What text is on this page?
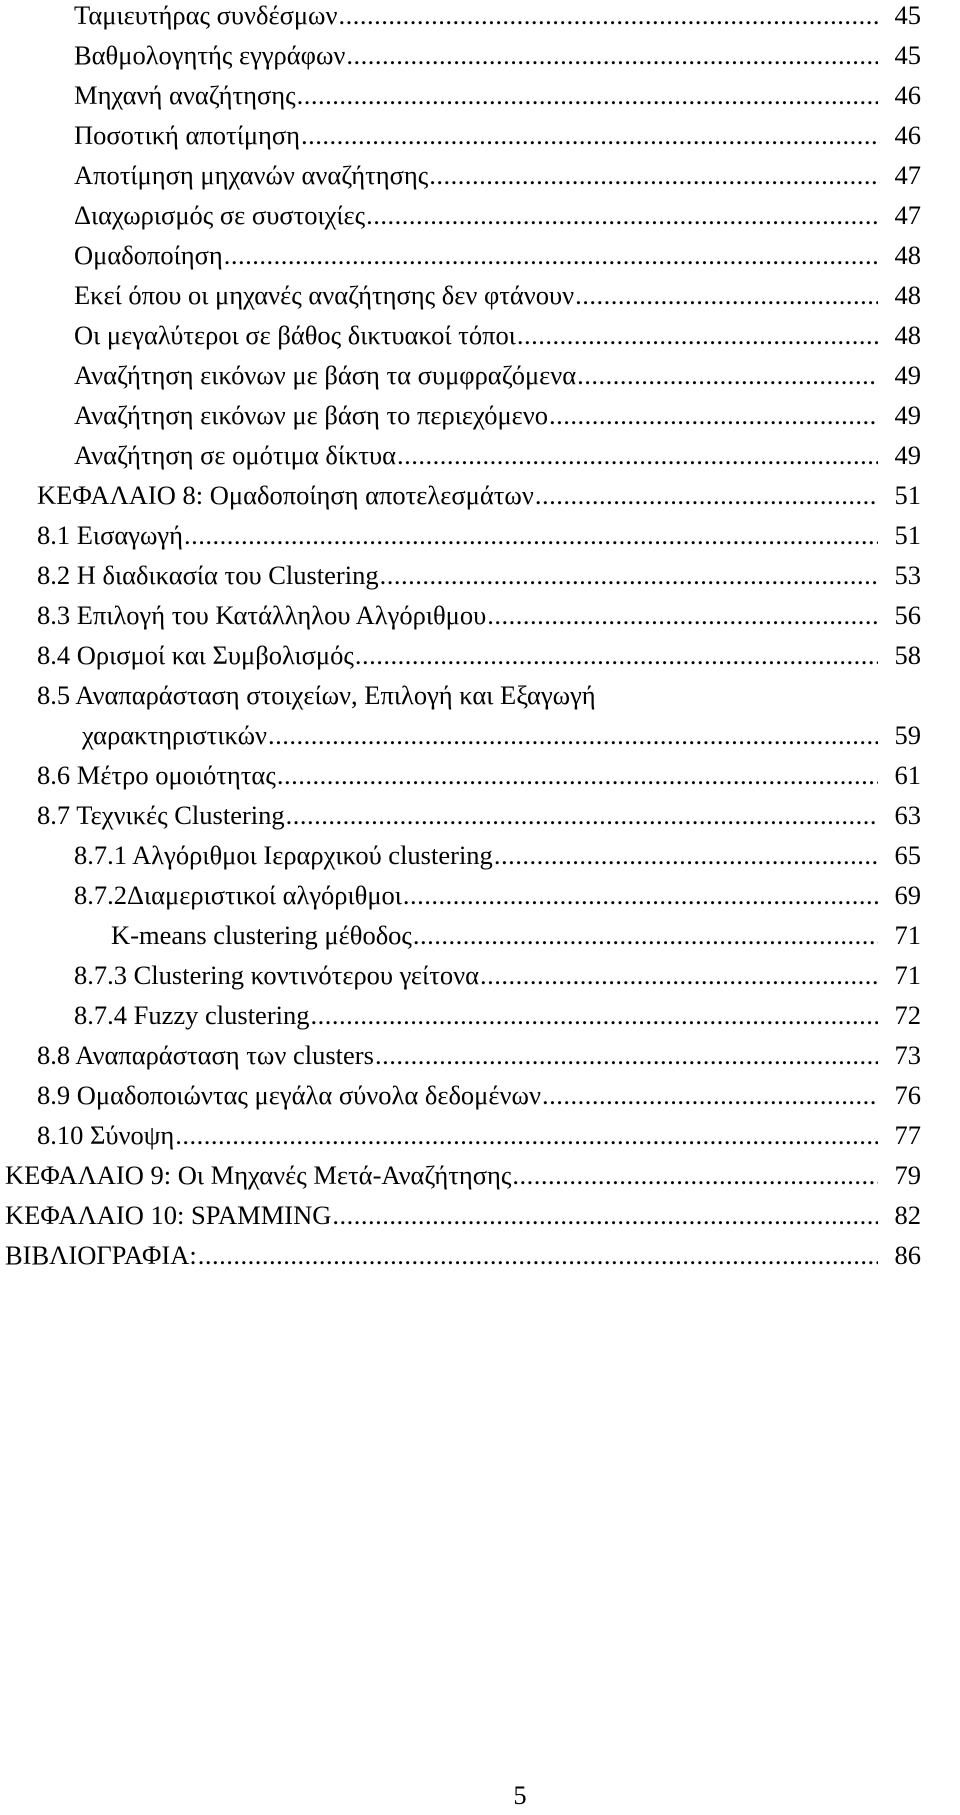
Ταμιευτήρας συνδέσμων .....	45
Βαθμολογητής εγγράφων .....	45
Μηχανή αναζήτησης .....	46
Ποσοτική αποτίμηση .....	46
Αποτίμηση μηχανών αναζήτησης .....	47
Διαχωρισμός σε συστοιχίες .....	47
Ομαδοποίηση .....	48
Εκεί όπου οι μηχανές αναζήτησης δεν φτάνουν .....	48
Οι μεγαλύτεροι σε βάθος δικτυακοί τόποι .....	48
Αναζήτηση εικόνων με βάση τα συμφραζόμενα .....	49
Αναζήτηση εικόνων με βάση το περιεχόμενο .....	49
Αναζήτηση σε ομότιμα δίκτυα .....	49
ΚΕΦΑΛΑΙΟ 8: Ομαδοποίηση αποτελεσμάτων .....	51
8.1 Εισαγωγή .....	51
8.2 Η διαδικασία του Clustering .....	53
8.3 Επιλογή του Κατάλληλου Αλγόριθμου .....	56
8.4 Ορισμοί και Συμβολισμός .....	58
8.5 Αναπαράσταση στοιχείων, Επιλογή και Εξαγωγή
χαρακτηριστικών .....	59
8.6 Μέτρο ομοιότητας .....	61
8.7 Τεχνικές Clustering .....	63
8.7.1 Αλγόριθμοι Ιεραρχικού clustering .....	65
8.7.2Διαμεριστικοί αλγόριθμοι .....	69
K-means clustering μέθοδος .....	71
8.7.3 Clustering κοντινότερου γείτονα .....	71
8.7.4 Fuzzy clustering .....	72
8.8 Αναπαράσταση των clusters .....	73
8.9 Ομαδοποιώντας μεγάλα σύνολα δεδομένων .....	76
8.10 Σύνοψη .....	77
ΚΕΦΑΛΑΙΟ 9: Οι Μηχανές Μετά-Αναζήτησης .....	79
ΚΕΦΑΛΑΙΟ 10: SPAMMING .....	82
ΒΙΒΛΙΟΓΡΑΦΙΑ: .....	86
5
